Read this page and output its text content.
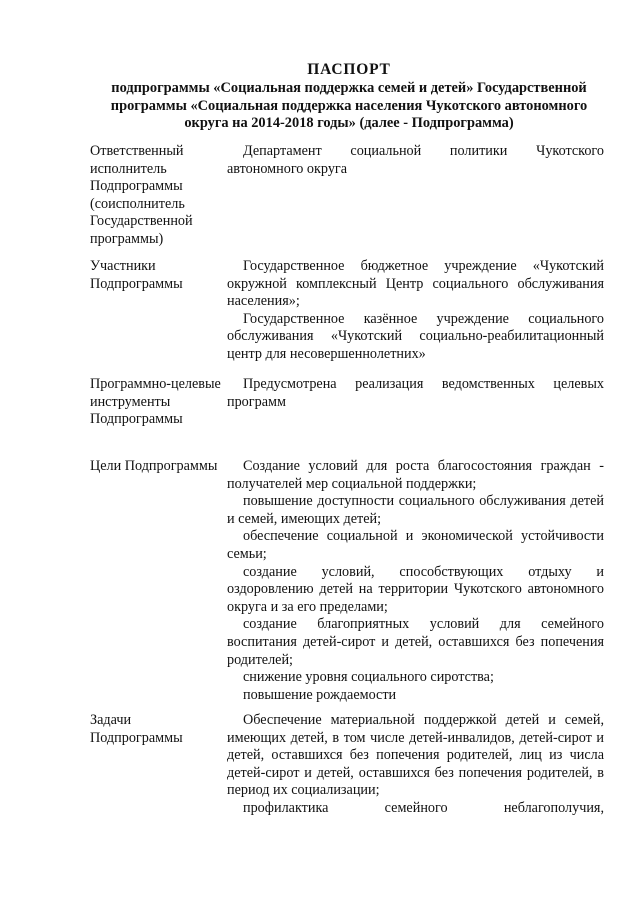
ПАСПОРТ
подпрограммы «Социальная поддержка семей и детей» Государственной программы «Социальная поддержка населения Чукотского автономного округа на 2014-2018 годы» (далее - Подпрограмма)
Ответственный исполнитель Подпрограммы (соисполнитель Государственной программы)

Департамент социальной политики Чукотского автономного округа

Участники Подпрограммы

Государственное бюджетное учреждение «Чукотский окружной комплексный Центр социального обслуживания населения»;

Государственное казённое учреждение социального обслуживания «Чукотский социально-реабилитационный центр для несовершеннолетних»

Программно-целевые инструменты Подпрограммы

Предусмотрена реализация ведомственных целевых программ

Цели Подпрограммы	Создание условий для роста благосостояния граждан - получателей мер социальной поддержки;

повышение доступности социального обслуживания детей и семей, имеющих детей;

обеспечение социальной и экономической устойчивости семьи;

создание условий, способствующих отдыху и оздоровлению детей на территории Чукотского автономного округа и за его пределами;

создание благоприятных условий для семейного воспитания детей-сирот и детей, оставшихся без попечения родителей;

снижение уровня социального сиротства;

повышение рождаемости

Задачи Подпрограммы

Обеспечение материальной поддержкой детей и семей, имеющих детей, в том числе детей-инвалидов, детей-сирот и детей, оставшихся без попечения родителей, лиц из числа детей-сирот и детей, оставшихся без попечения родителей, в период их социализации;

профилактика семейного неблагополучия,
